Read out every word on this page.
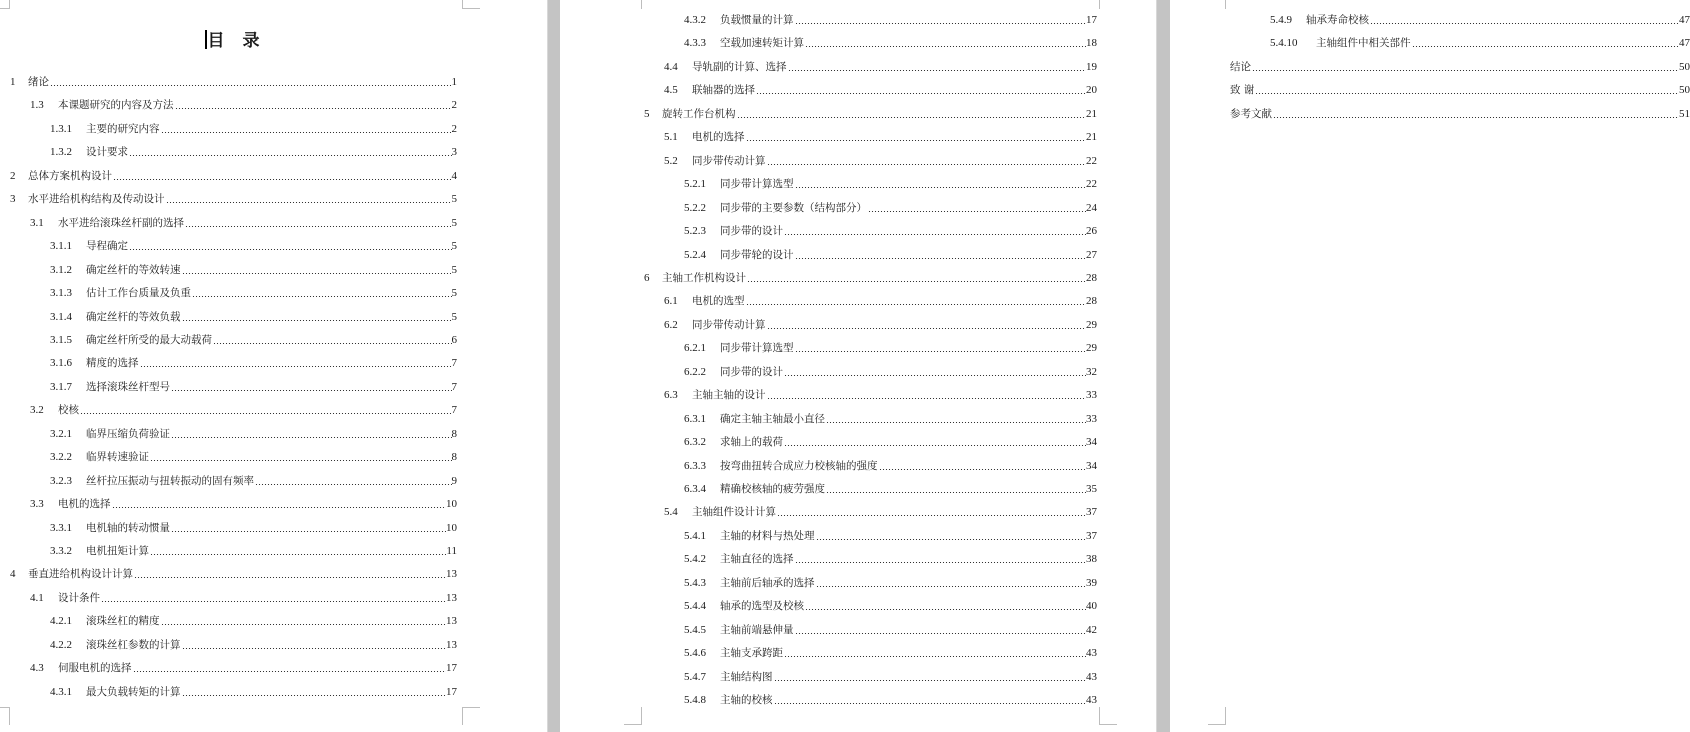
目 录
1	绪论	1
1.3	本课题研究的内容及方法	2
1.3.1	主要的研究内容	2
1.3.2	设计要求	3
2	总体方案机构设计	4
3	水平进给机构结构及传动设计	5
3.1	水平进给滚珠丝杆副的选择	5
3.1.1	导程确定	5
3.1.2	确定丝杆的等效转速	5
3.1.3	估计工作台质量及负重	5
3.1.4	确定丝杆的等效负载	5
3.1.5	确定丝杆所受的最大动载荷	6
3.1.6	精度的选择	7
3.1.7	选择滚珠丝杆型号	7
3.2	校核	7
3.2.1	临界压缩负荷验证	8
3.2.2	临界转速验证	8
3.2.3	丝杆拉压振动与扭转振动的固有频率	9
3.3	电机的选择	10
3.3.1	电机轴的转动惯量	10
3.3.2	电机扭矩计算	11
4	垂直进给机构设计计算	13
4.1	设计条件	13
4.2.1	滚珠丝杠的精度	13
4.2.2	滚珠丝杠参数的计算	13
4.3	伺服电机的选择	17
4.3.1	最大负载转矩的计算	17
4.3.2	负载惯量的计算	17
4.3.3	空载加速转矩计算	18
4.4	导轨副的计算、选择	19
4.5	联轴器的选择	20
5	旋转工作台机构	21
5.1	电机的选择	21
5.2	同步带传动计算	22
5.2.1	同步带计算选型	22
5.2.2	同步带的主要参数（结构部分）	24
5.2.3	同步带的设计	26
5.2.4	同步带轮的设计	27
6	主轴工作机构设计	28
6.1	电机的选型	28
6.2	同步带传动计算	29
6.2.1	同步带计算选型	29
6.2.2	同步带的设计	32
6.3	主轴主轴的设计	33
6.3.1	确定主轴主轴最小直径	33
6.3.2	求轴上的载荷	34
6.3.3	按弯曲扭转合成应力校核轴的强度	34
6.3.4	精确校核轴的疲劳强度	35
5.4	主轴组件设计计算	37
5.4.1	主轴的材料与热处理	37
5.4.2	主轴直径的选择	38
5.4.3	主轴前后轴承的选择	39
5.4.4	轴承的选型及校核	40
5.4.5	主轴前端悬伸量	42
5.4.6	主轴支承跨距	43
5.4.7	主轴结构图	43
5.4.8	主轴的校核	43
5.4.9	轴承寿命校核	47
5.4.10	主轴组件中相关部件	47
结论	50
致 谢	50
参考文献	51
